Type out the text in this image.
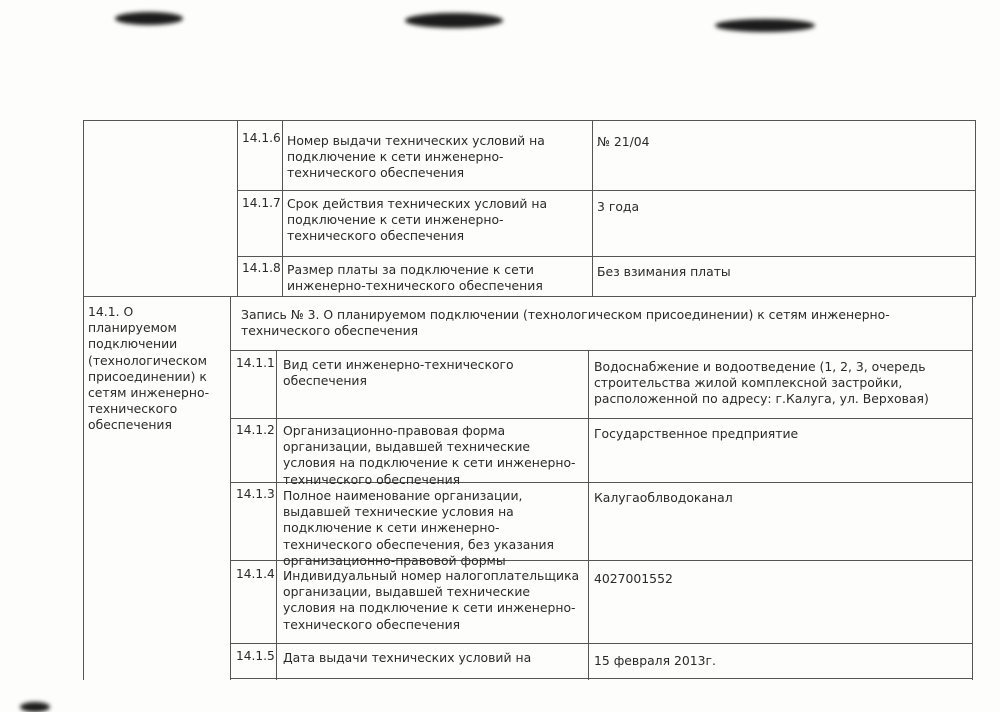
14.1.6 Номер выдачи технических условий на подключение к сети инженерно-технического обеспечения
№ 21/04
14.1.7 Срок действия технических условий на подключение к сети инженерно-технического обеспечения
3 года
14.1.8 Размер платы за подключение к сети инженерно-технического обеспечения
Без взимания платы
14.1. О планируемом подключении (технологическом присоединении) к сетям инженерно-технического обеспечения
Запись № 3. О планируемом подключении (технологическом присоединении) к сетям инженерно-технического обеспечения
14.1.1 Вид сети инженерно-технического обеспечения
Водоснабжение и водоотведение (1, 2, 3, очередь строительства жилой комплексной застройки, расположенной по адресу: г.Калуга, ул. Верховая)
14.1.2 Организационно-правовая форма организации, выдавшей технические условия на подключение к сети инженерно-технического обеспечения
Государственное предприятие
14.1.3 Полное наименование организации, выдавшей технические условия на подключение к сети инженерно-технического обеспечения, без указания организационно-правовой формы
Калугаоблводоканал
14.1.4 Индивидуальный номер налогоплательщика организации, выдавшей технические условия на подключение к сети инженерно-технического обеспечения
4027001552
14.1.5 Дата выдачи технических условий на	15 февраля 2013г.
